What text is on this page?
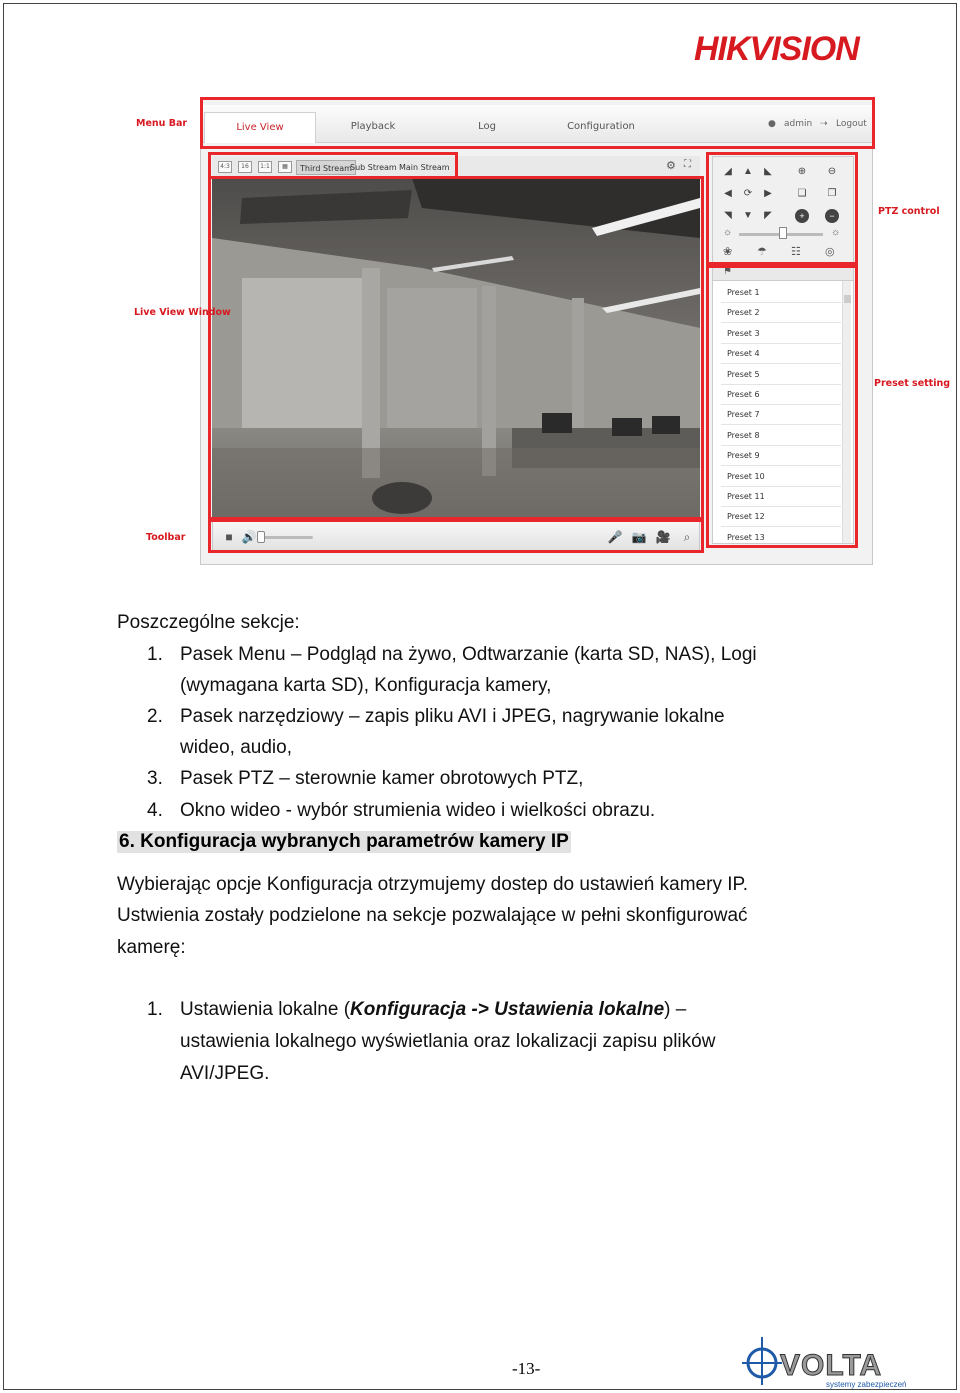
HIKVISION
Live View	Playback	Log	Configuration	● admin ⇢ Logout
4:3	16	1:1	▦	Third Stream
Sub Stream Main Stream	⚙ ⛶
■ 🔊	🎤 📷 🎥	⌕
◢	▲	◣
◀	⟳	▶
◥	▼	◤
⊕	⊖
❏	❐
+	−
☼	☼
❀ ☂ ☷ ◎
⚑
Preset 1
Preset 2
Preset 3
Preset 4
Preset 5
Preset 6
Preset 7
Preset 8
Preset 9
Preset 10
Preset 11
Preset 12
Preset 13
Menu Bar
Live View Window
Toolbar
PTZ control
Preset setting
Poszczególne sekcje:
1. Pasek Menu – Podgląd na żywo, Odtwarzanie (karta SD, NAS), Logi
(wymagana karta SD), Konfiguracja kamery,
2. Pasek narzędziowy – zapis pliku AVI i JPEG, nagrywanie lokalne
wideo, audio,
3. Pasek PTZ – sterownie kamer obrotowych PTZ,
4. Okno wideo - wybór strumienia wideo i wielkości obrazu.
6. Konfiguracja wybranych parametrów kamery IP
Wybierając opcje Konfiguracja otrzymujemy dostep do ustawień kamery IP.
Ustwienia zostały podzielone na sekcje pozwalające w pełni skonfigurować
kamerę:
1. Ustawienia lokalne (Konfiguracja -> Ustawienia lokalne) –
ustawienia lokalnego wyświetlania oraz lokalizacji zapisu plików
AVI/JPEG.
-13-	VOLTA
systemy zabezpieczeń
